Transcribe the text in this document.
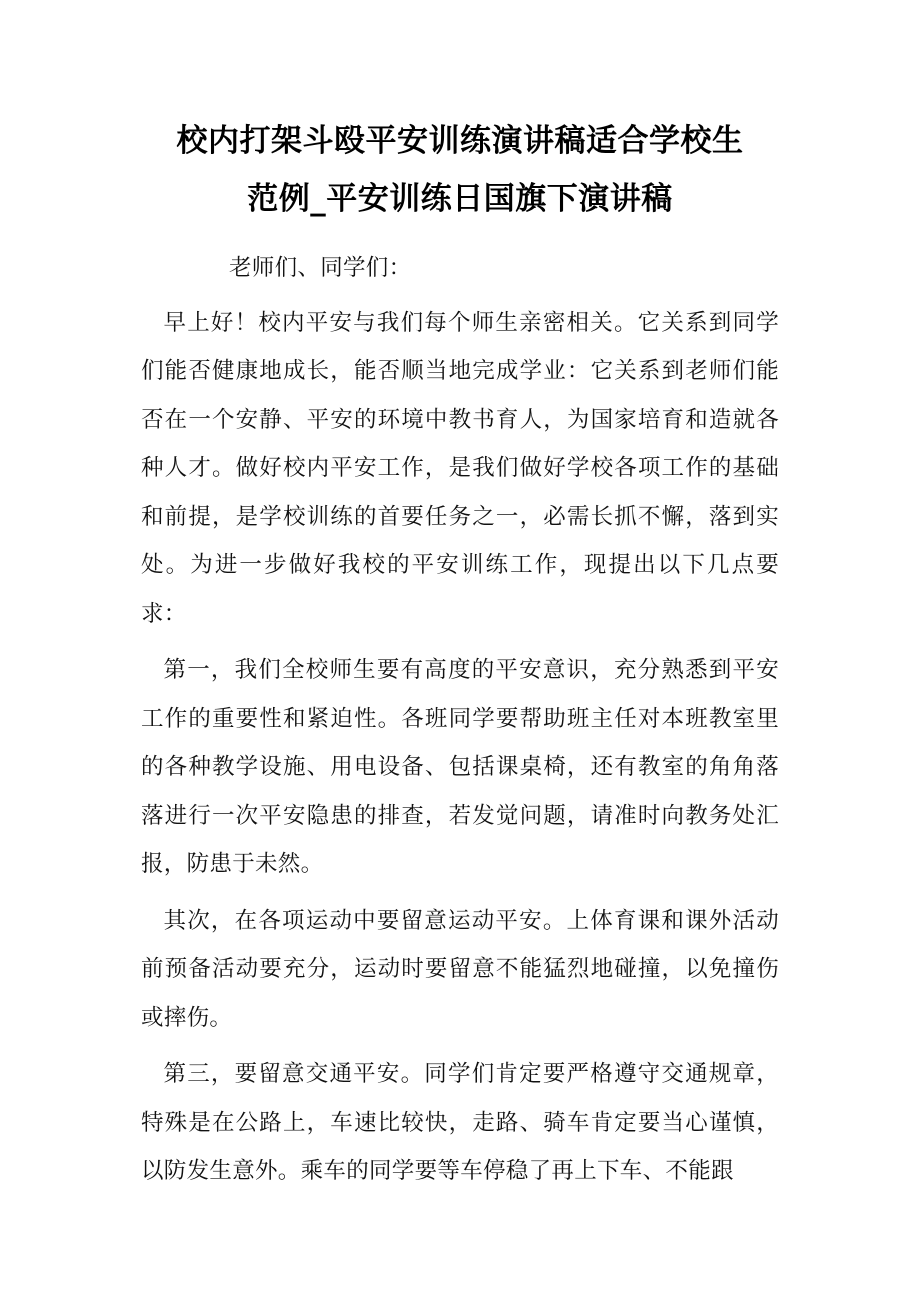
校内打架斗殴平安训练演讲稿适合学校生
范例_平安训练日国旗下演讲稿

老师们、同学们：

早上好！校内平安与我们每个师生亲密相关。它关系到同学们能否健康地成长，能否顺当地完成学业：它关系到老师们能否在一个安静、平安的环境中教书育人，为国家培育和造就各种人才。做好校内平安工作，是我们做好学校各项工作的基础和前提，是学校训练的首要任务之一，必需长抓不懈，落到实处。为进一步做好我校的平安训练工作，现提出以下几点要求：

第一，我们全校师生要有高度的平安意识，充分熟悉到平安工作的重要性和紧迫性。各班同学要帮助班主任对本班教室里的各种教学设施、用电设备、包括课桌椅，还有教室的角角落落进行一次平安隐患的排查，若发觉问题，请准时向教务处汇报，防患于未然。

其次，在各项运动中要留意运动平安。上体育课和课外活动前预备活动要充分，运动时要留意不能猛烈地碰撞，以免撞伤或摔伤。

第三，要留意交通平安。同学们肯定要严格遵守交通规章，特殊是在公路上，车速比较快，走路、骑车肯定要当心谨慎，以防发生意外。乘车的同学要等车停稳了再上下车、不能跟
